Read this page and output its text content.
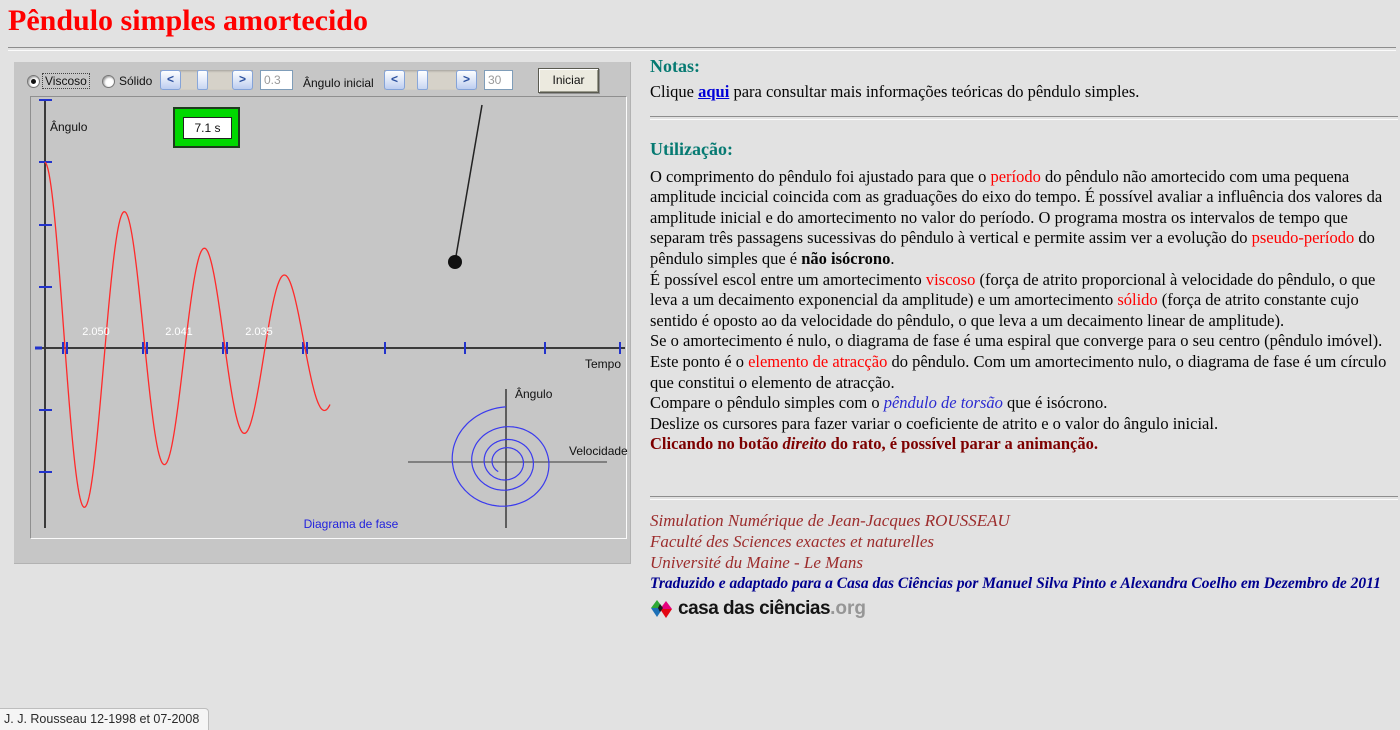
Pêndulo simples amortecido
Viscoso	Sólido	<	>	0.3	Ângulo inicial	<	>	30	Iniciar
Ângulo	7.1 s
2.050	2.041	2.035
Tempo
Ângulo
Velocidade
Diagrama de fase
Notas:
Clique aqui para consultar mais informações teóricas do pêndulo simples.
Utilização:
O comprimento do pêndulo foi ajustado para que o período do pêndulo não amortecido com uma pequena amplitude incicial coincida com as graduações do eixo do tempo. É possível avaliar a influência dos valores da amplitude inicial e do amortecimento no valor do período. O programa mostra os intervalos de tempo que separam três passagens sucessivas do pêndulo à vertical e permite assim ver a evolução do pseudo-período do pêndulo simples que é não isócrono.
É possível escol entre um amortecimento viscoso (força de atrito proporcional à velocidade do pêndulo, o que leva a um decaimento exponencial da amplitude) e um amortecimento sólido (força de atrito constante cujo sentido é oposto ao da velocidade do pêndulo, o que leva a um decaimento linear de amplitude).
Se o amortecimento é nulo, o diagrama de fase é uma espiral que converge para o seu centro (pêndulo imóvel). Este ponto é o elemento de atracção do pêndulo. Com um amortecimento nulo, o diagrama de fase é um círculo que constitui o elemento de atracção.
Compare o pêndulo simples com o pêndulo de torsão que é isócrono.
Deslize os cursores para fazer variar o coeficiente de atrito e o valor do ângulo inicial.
Clicando no botão direito do rato, é possível parar a animanção.
Simulation Numérique de Jean-Jacques ROUSSEAU
Faculté des Sciences exactes et naturelles
Université du Maine - Le Mans
Traduzido e adaptado para a Casa das Ciências por Manuel Silva Pinto e Alexandra Coelho em Dezembro de 2011
casa das ciências .org
J. J. Rousseau 12-1998 et 07-2008
